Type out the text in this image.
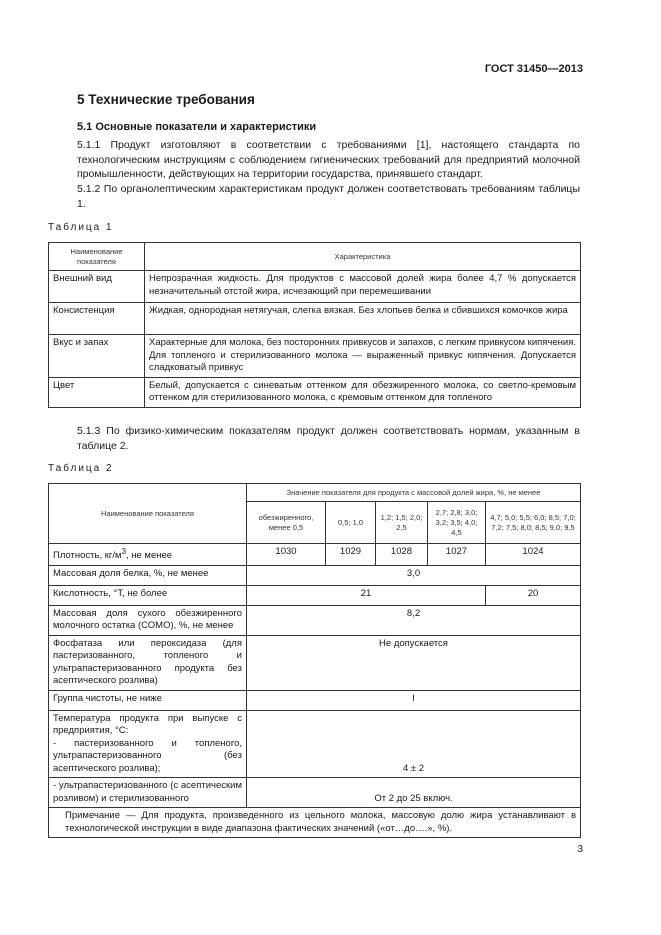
ГОСТ 31450—2013
5 Технические требования
5.1 Основные показатели и характеристики

5.1.1 Продукт изготовляют в соответствии с требованиями [1], настоящего стандарта по технологическим инструкциям с соблюдением гигиенических требований для предприятий молочной промышленности, действующих на территории государства, принявшего стандарт.

5.1.2 По органолептическим характеристикам продукт должен соответствовать требованиям таблицы 1.

Таблица 1
Наименование показателя	Характеристика
Внешний вид	Непрозрачная жидкость. Для продуктов с массовой долей жира более 4,7 % допускается незначительный отстой жира, исчезающий при перемешивании
Консистенция	Жидкая, однородная нетягучая, слегка вязкая. Без хлопьев белка и сбившихся комочков жира
Вкус и запах	Характерные для молока, без посторонних привкусов и запахов, с легким привкусом кипячения. Для топленого и стерилизованного молока — выраженный привкус кипячения. Допускается сладковатый привкус
Цвет	Белый, допускается с синеватым оттенком для обезжиренного молока, со светло-кремовым оттенком для стерилизованного молока, с кремовым оттенком для топленого

5.1.3 По физико-химическим показателям продукт должен соответствовать нормам, указанным в таблице 2.

Таблица 2
Наименование показателя	Значение показателя для продукта с массовой долей жира, %, не менее				
	обезжиренного, менее 0,5	0,5; 1,0	1,2; 1,5; 2,0; 2,5	2,7; 2,8; 3,0; 3,2; 3,5; 4,0; 4,5	4,7; 5,0; 5,5; 6,0; 8,5; 7,0; 7,2; 7,5; 8,0; 8,5; 9,0; 9,5
Плотность, $кг/м^3$, не менее	1030	1029	1028	1027	1024
Массовая доля белка, %, не менее	3,0				
Кислотность, °Т, не более	21				20
Массовая доля сухого обезжиренного молочного остатка (СОМО), %, не менее	8,2				
Фосфатаза или пероксидаза (для пастеризованного, топленого и ультрапастеризованного продукта без асептического розлива)	Не допускается				
Группа чистоты, не ниже	I				

Температура продукта при выпуске с предприятия, °С:
- пастеризованного и топленого, ультрапастеризованного (без асептического розлива);	4 ± 2				
- ультрапастеризованного (с асептическим розливом) и стерилизованного	От 2 до 25 включ.				
Примечание — Для продукта, произведенного из цельного молока, массовую долю жира устанавливают в технологической инструкции в виде диапазона фактических значений («от…до….», %).					
3
